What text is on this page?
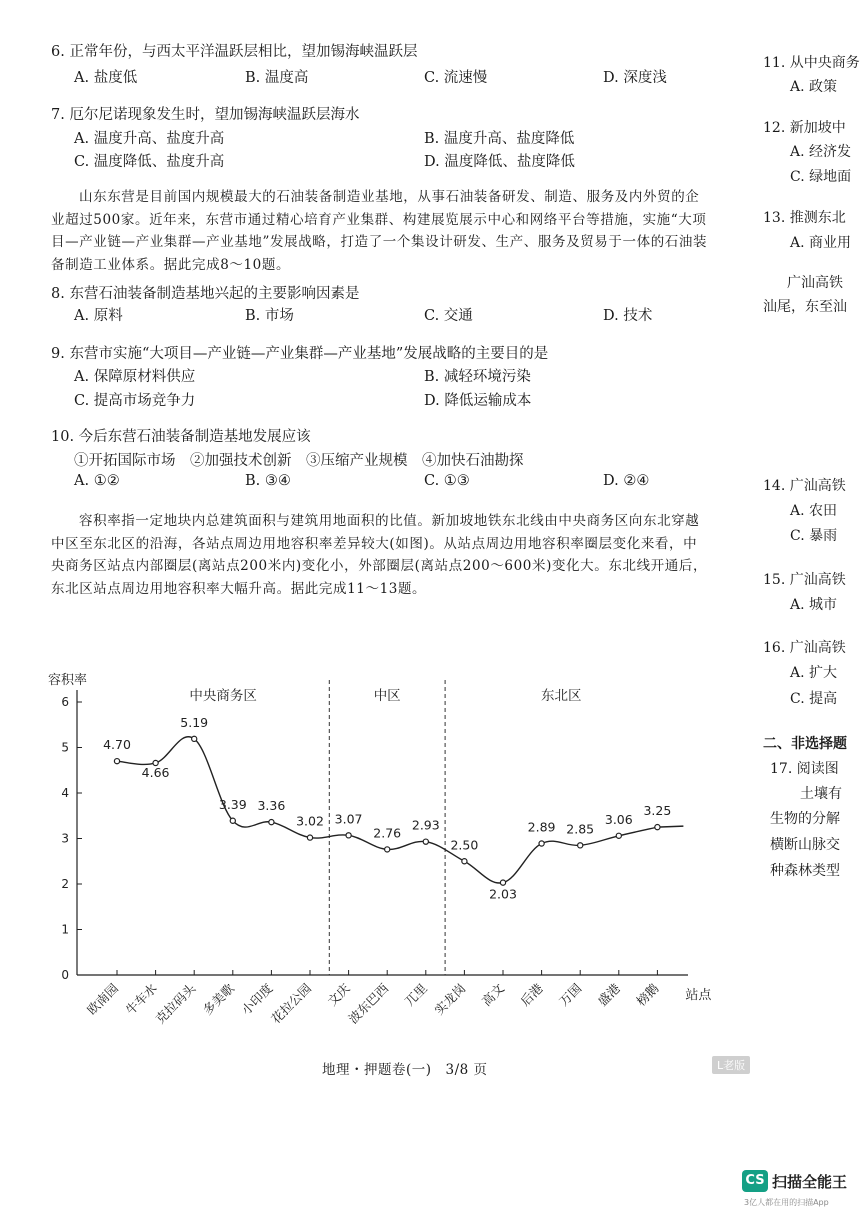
6. 正常年份，与西太平洋温跃层相比，望加锡海峡温跃层
A. 盐度低	B. 温度高	C. 流速慢	D. 深度浅
7. 厄尔尼诺现象发生时，望加锡海峡温跃层海水
A. 温度升高、盐度升高	B. 温度升高、盐度降低
C. 温度降低、盐度升高	D. 温度降低、盐度降低
山东东营是目前国内规模最大的石油装备制造业基地，从事石油装备研发、制造、服务及内外贸的企业超过500家。近年来，东营市通过精心培育产业集群、构建展览展示中心和网络平台等措施，实施“大项目—产业链—产业集群—产业基地”发展战略，打造了一个集设计研发、生产、服务及贸易于一体的石油装备制造工业体系。据此完成8～10题。
8. 东营石油装备制造基地兴起的主要影响因素是
A. 原料	B. 市场	C. 交通	D. 技术
9. 东营市实施“大项目—产业链—产业集群—产业基地”发展战略的主要目的是
A. 保障原材料供应	B. 减轻环境污染
C. 提高市场竞争力	D. 降低运输成本
10. 今后东营石油装备制造基地发展应该
①开拓国际市场　②加强技术创新　③压缩产业规模　④加快石油勘探
A. ①②	B. ③④	C. ①③	D. ②④
容积率指一定地块内总建筑面积与建筑用地面积的比值。新加坡地铁东北线由中央商务区向东北穿越中区至东北区的沿海，各站点周边用地容积率差异较大(如图)。从站点周边用地容积率圈层变化来看，中央商务区站点内部圈层(离站点200米内)变化小，外部圈层(离站点200～600米)变化大。东北线开通后，东北区站点周边用地容积率大幅升高。据此完成11～13题。
容积率
站点
0
1
2
3
4
5
6
欧南园 牛车水
克拉码头 多美歌 小印度
花拉公园 文庆
波东巴西 兀里 实龙岗 高文 后港 万国 盛港 榜鹅
中央商务区	中区	东北区
4.70
4.66
5.19
3.39 3.36
3.02 3.07
2.76
2.93
2.50
2.03
2.89 2.85
3.06
3.25
11. 从中央商务
A. 政策
12. 新加坡中
A. 经济发
C. 绿地面
13. 推测东北
A. 商业用
广汕高铁
汕尾，东至汕
14. 广汕高铁
A. 农田
C. 暴雨
15. 广汕高铁
A. 城市
16. 广汕高铁
A. 扩大
C. 提高
二、非选择题
17. 阅读图
土壤有
生物的分解
横断山脉交
种森林类型
地理・押题卷(一)　3/8 页	L老版
CS 扫描全能王
3亿人都在用的扫描App
